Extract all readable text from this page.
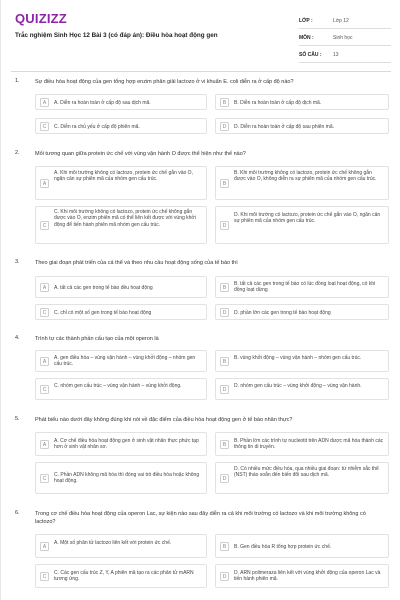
QUIZIZZ
Trắc nghiệm Sinh Học 12 Bài 3 (có đáp án): Điều hòa hoạt động gen
LỚP :	Lớp 12
MÔN :	Sinh học
SỐ CÂU :	13
1.	Sự điều hòa hoạt động của gen tổng hợp enzim phân giải lactozo ở vi khuẩn E. coli diễn ra ở cấp độ nào?
A	A. Diễn ra hoàn toàn ở cấp độ sau dịch mã.	B	B. Diễn ra hoàn toàn ở cấp độ dịch mã.
C	C. Diễn ra chủ yếu ở cấp độ phiên mã.	D	D. Diễn ra hoàn toàn ở cấp độ sau phiên mã.
2.	Mối tương quan giữa protein ức chế với vùng vận hành O được thể hiện như thế nào?
A
A. Khi môi trường không có lactozo, protein ức chế gắn vào O, ngăn cản sự phiên mã của nhóm gen cấu trúc.
B
B. Khi môi trường không có lactozo, protein ức chế không gắn được vào O, không diễn ra sự phiên mã của nhóm gen cấu trúc.
C
C. Khi môi trường không có lactozo, protein ức chế không gắn được vào O, enzim phiên mã có thể liên kết được với vùng khởi động để tiến hành phiên mã nhóm gen cấu trúc.	D
D. Khi môi trường có lactozo, protein ức chế gắn vào O, ngăn cản sự phiên mã của nhóm gen cấu trúc.
3.	Theo giai đoạn phát triển của cá thể và theo nhu cầu hoạt động sống của tế bào thì
A	A. tất cả các gen trong tế bào đều hoạt động	B
B. tất cả các gen trong tế bào có lúc đồng loạt hoạt động, có khi đồng loạt dừng
C	C. chỉ có một số gen trong tế bào hoạt động	D	D. phần lớn các gen trong tế bào hoạt động
4.	Trình tự các thành phần cấu tạo của một operon là
A
A. gen điều hòa – vùng vận hành – vùng khởi động – nhóm gen cấu trúc.	B
B. vùng khởi động – vùng vận hành – nhóm gen cấu trúc.
C
C. nhóm gen cấu trúc – vùng vận hành – vùng khởi động.
D
D. nhóm gen cấu trúc – vùng khởi động – vùng vận hành.
5.	Phát biểu nào dưới đây không đúng khi nói về đặc điểm của điều hòa hoạt động gen ở tế bào nhân thực?
A
A. Cơ chế điều hòa hoạt động gen ở sinh vật nhân thực phức tạp hơn ở sinh vật nhân sơ.	B
B. Phần lớn các trình tự nucleotit trên ADN được mã hóa thành các thông tin di truyền.
C
C. Phần ADN không mã hóa thì đóng vai trò điều hòa hoặc không hoạt động.	D
D. Có nhiều mức điều hòa, qua nhiều giai đoạn: từ nhiễm sắc thể (NST) tháo soắn đến biến đổi sau dịch mã.
6.	Trong cơ chế điều hòa hoạt động của operon Lac, sự kiện nào sau đây diễn ra cả khi môi trường có lactozo và khi môi trường không có lactozo?
A
A. Một số phân tử lactozo liên kết với protein ức chế.
B	B. Gen điều hòa R tổng hợp protein ức chế.
C
C. Các gen cấu trúc Z, Y, A phiên mã tạo ra các phân tử mARN tương ứng.	D
D. ARN polimeraza liên kết với vùng khởi động của operon Lac và tiến hành phiên mã.
